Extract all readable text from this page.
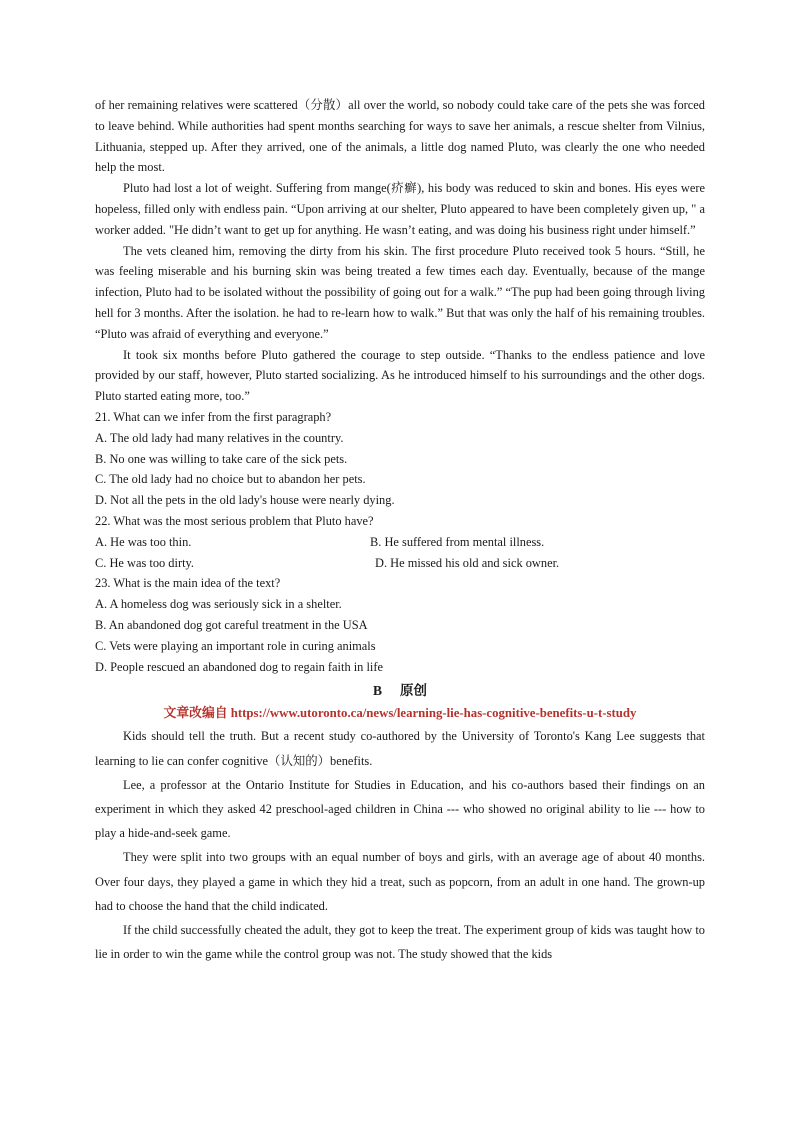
of her remaining relatives were scattered（分散）all over the world, so nobody could take care of the pets she was forced to leave behind. While authorities had spent months searching for ways to save her animals, a rescue shelter from Vilnius, Lithuania, stepped up. After they arrived, one of the animals, a little dog named Pluto, was clearly the one who needed help the most.

Pluto had lost a lot of weight. Suffering from mange(疥癣), his body was reduced to skin and bones. His eyes were hopeless, filled only with endless pain. “Upon arriving at our shelter, Pluto appeared to have been completely given up, " a worker added. "He didn’t want to get up for anything. He wasn’t eating, and was doing his business right under himself.”

The vets cleaned him, removing the dirty from his skin. The first procedure Pluto received took 5 hours. “Still, he was feeling miserable and his burning skin was being treated a few times each day. Eventually, because of the mange infection, Pluto had to be isolated without the possibility of going out for a walk.” “The pup had been going through living hell for 3 months. After the isolation. he had to re-learn how to walk.” But that was only the half of his remaining troubles. “Pluto was afraid of everything and everyone.”

It took six months before Pluto gathered the courage to step outside. “Thanks to the endless patience and love provided by our staff, however, Pluto started socializing. As he introduced himself to his surroundings and the other dogs. Pluto started eating more, too.”

21. What can we infer from the first paragraph?

A. The old lady had many relatives in the country.

B. No one was willing to take care of the sick pets.

C. The old lady had no choice but to abandon her pets.

D. Not all the pets in the old lady's house were nearly dying.

22. What was the most serious problem that Pluto have?

A. He was too thin.	B. He suffered from mental illness.
C. He was too dirty.	D. He missed his old and sick owner.

23. What is the main idea of the text?

A. A homeless dog was seriously sick in a shelter.

B. An abandoned dog got careful treatment in the USA

C. Vets were playing an important role in curing animals

D. People rescued an abandoned dog to regain faith in life

B 原创
文章改编自 https://www.utoronto.ca/news/learning-lie-has-cognitive-benefits-u-t-study

Kids should tell the truth. But a recent study co-authored by the University of Toronto's Kang Lee suggests that learning to lie can confer cognitive（认知的）benefits.

Lee, a professor at the Ontario Institute for Studies in Education, and his co-authors based their findings on an experiment in which they asked 42 preschool-aged children in China --- who showed no original ability to lie --- how to play a hide-and-seek game.

They were split into two groups with an equal number of boys and girls, with an average age of about 40 months. Over four days, they played a game in which they hid a treat, such as popcorn, from an adult in one hand. The grown-up had to choose the hand that the child indicated.

If the child successfully cheated the adult, they got to keep the treat. The experiment group of kids was taught how to lie in order to win the game while the control group was not. The study showed that the kids
